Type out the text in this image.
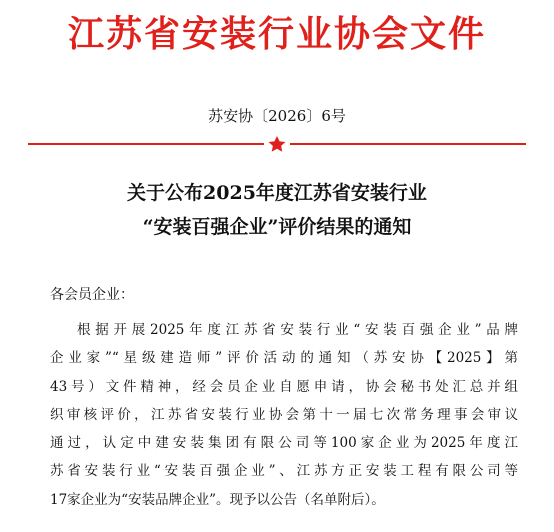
江苏省安装行业协会文件
苏安协〔2026〕6号
关于公布2025年度江苏省安装行业
“安装百强企业”评价结果的通知
各会员企业：
根据开展2025年度江苏省安装行业“安装百强企业”品牌
企业家”“星级建造师”评价活动的通知（苏安协【2025】第
43号）文件精神，经会员企业自愿申请，协会秘书处汇总并组
织审核评价，江苏省安装行业协会第十一届七次常务理事会审议
通过，认定中建安装集团有限公司等100家企业为2025年度江
苏省安装行业“安装百强企业”、江苏方正安装工程有限公司等
17家企业为“安装品牌企业”。现予以公告（名单附后）。
